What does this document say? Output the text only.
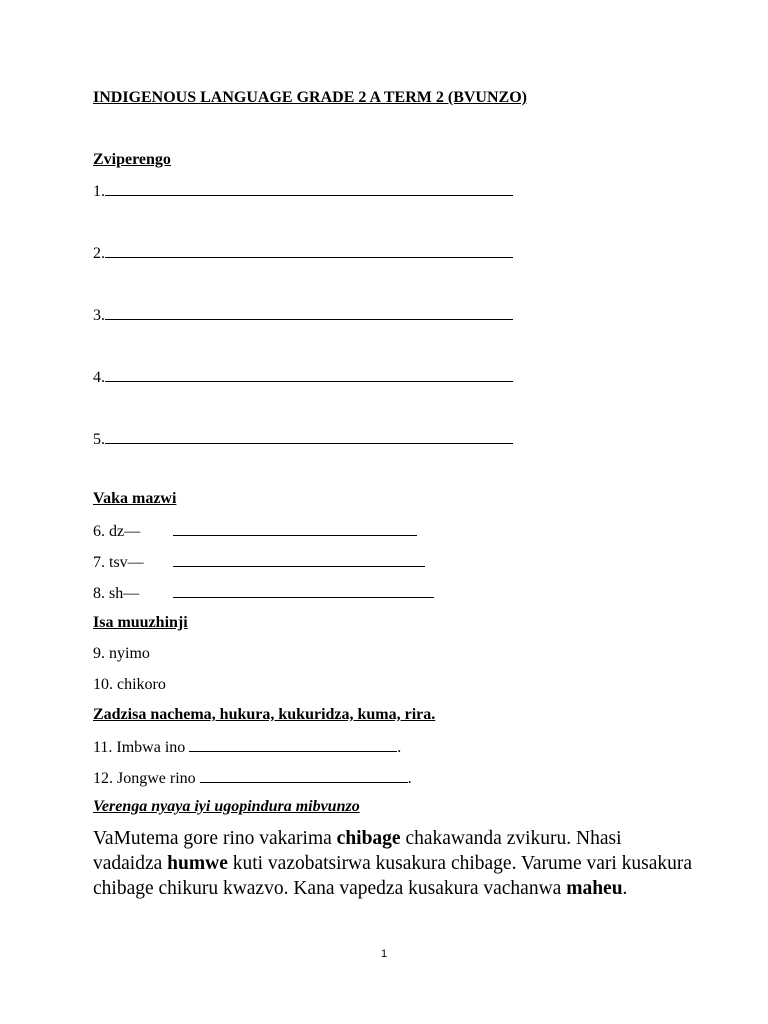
INDIGENOUS LANGUAGE GRADE 2 A TERM 2 (BVUNZO)
Zviperengo
1.
2.
3.
4.
5.
Vaka mazwi
6. dz—
7. tsv—
8. sh—
Isa muuzhinji
9. nyimo
10. chikoro
Zadzisa nachema, hukura, kukuridza, kuma, rira.
11. Imbwa ino	.
12. Jongwe rino	.
Verenga nyaya iyi ugopindura mibvunzo
VaMutema gore rino vakarima chibage chakawanda zvikuru. Nhasi vadaidza humwe kuti vazobatsirwa kusakura chibage. Varume vari kusakura chibage chikuru kwazvo. Kana vapedza kusakura vachanwa maheu.
1
